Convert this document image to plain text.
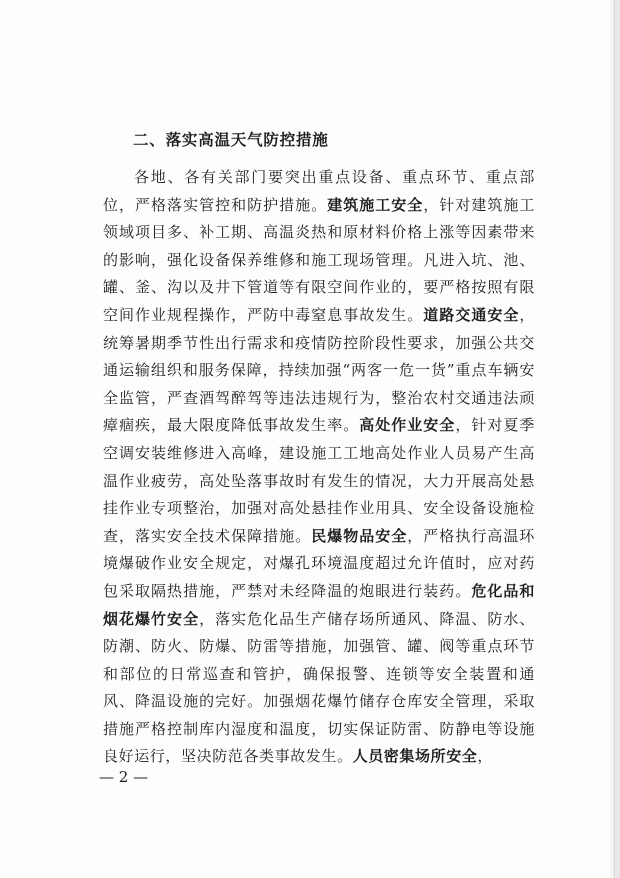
二、落实高温天气防控措施

各地、各有关部门要突出重点设备、重点环节、重点部位，严格落实管控和防护措施。建筑施工安全，针对建筑施工领域项目多、补工期、高温炎热和原材料价格上涨等因素带来的影响，强化设备保养维修和施工现场管理。凡进入坑、池、罐、釜、沟以及井下管道等有限空间作业的，要严格按照有限空间作业规程操作，严防中毒窒息事故发生。道路交通安全，统筹暑期季节性出行需求和疫情防控阶段性要求，加强公共交通运输组织和服务保障，持续加强“两客一危一货”重点车辆安全监管，严查酒驾醉驾等违法违规行为，整治农村交通违法顽瘴痼疾，最大限度降低事故发生率。高处作业安全，针对夏季空调安装维修进入高峰，建设施工工地高处作业人员易产生高温作业疲劳，高处坠落事故时有发生的情况，大力开展高处悬挂作业专项整治，加强对高处悬挂作业用具、安全设备设施检查，落实安全技术保障措施。民爆物品安全，严格执行高温环境爆破作业安全规定，对爆孔环境温度超过允许值时，应对药包采取隔热措施，严禁对未经降温的炮眼进行装药。危化品和烟花爆竹安全，落实危化品生产储存场所通风、降温、防水、防潮、防火、防爆、防雷等措施，加强管、罐、阀等重点环节和部位的日常巡查和管护，确保报警、连锁等安全装置和通风、降温设施的完好。加强烟花爆竹储存仓库安全管理，采取措施严格控制库内湿度和温度，切实保证防雷、防静电等设施良好运行，坚决防范各类事故发生。人员密集场所安全，

— 2 —
